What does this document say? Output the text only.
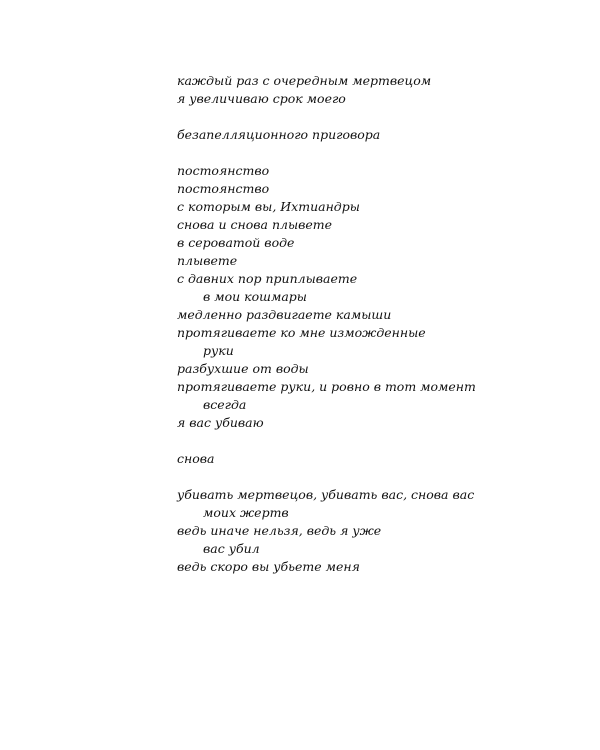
каждый раз с очередным мертвецом
я увеличиваю срок моего
безапелляционного приговора
постоянство
постоянство
с которым вы, Ихтиандры
снова и снова плывете
в сероватой воде
плывете
с давних пор приплываете
в мои кошмары
медленно раздвигаете камыши
протягиваете ко мне изможденные
руки
разбухшие от воды
протягиваете руки, и ровно в тот момент
всегда
я вас убиваю
снова
убивать мертвецов, убивать вас, снова вас
моих жертв
ведь иначе нельзя, ведь я уже
вас убил
ведь скоро вы убьете меня
